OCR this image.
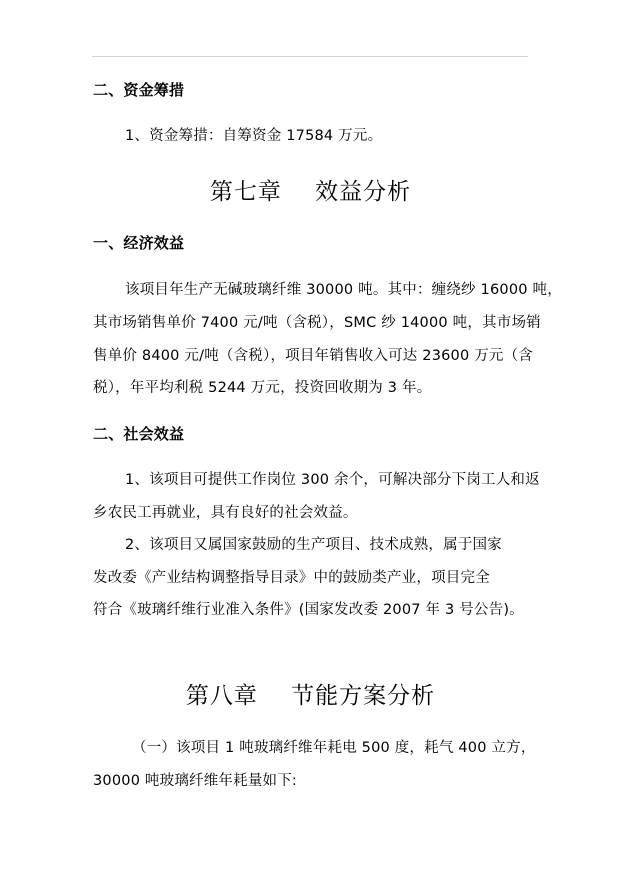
二、资金筹措
1、资金筹措：自筹资金 17584 万元。
第七章    效益分析
一、经济效益
该项目年生产无碱玻璃纤维 30000 吨。其中：缠绕纱 16000 吨，
其市场销售单价 7400 元/吨（含税），SMC 纱 14000 吨，其市场销
售单价 8400 元/吨（含税），项目年销售收入可达 23600 万元（含
税），年平均利税 5244 万元，投资回收期为 3 年。
二、社会效益
1、该项目可提供工作岗位 300 余个，可解决部分下岗工人和返
乡农民工再就业，具有良好的社会效益。
2、该项目又属国家鼓励的生产项目、技术成熟，属于国家
发改委《产业结构调整指导目录》中的鼓励类产业，项目完全
符合《玻璃纤维行业准入条件》(国家发改委 2007 年 3 号公告)。
第八章    节能方案分析
（一）该项目 1 吨玻璃纤维年耗电 500 度，耗气 400 立方，
30000 吨玻璃纤维年耗量如下:
